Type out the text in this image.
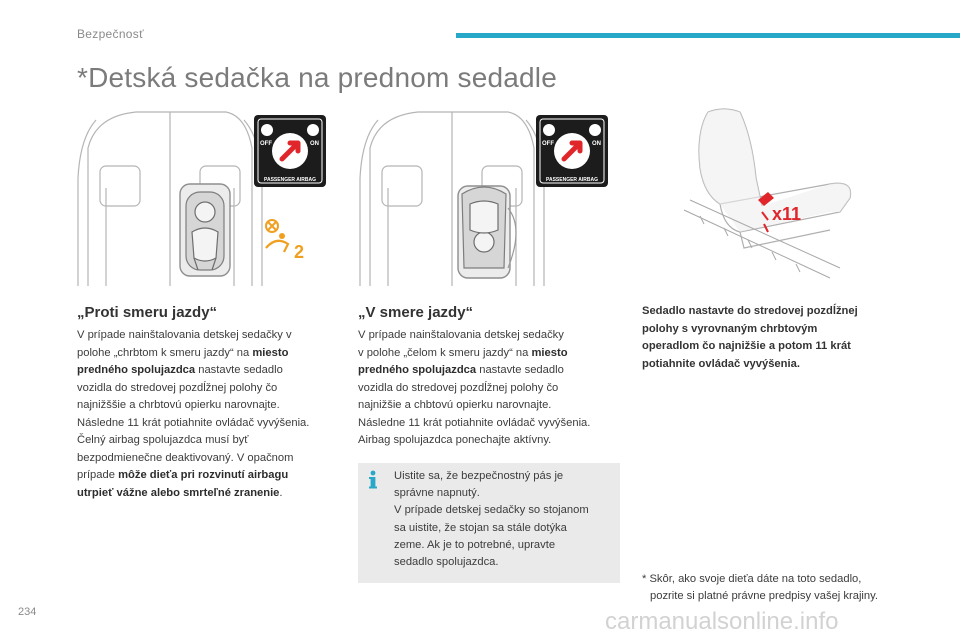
Bezpečnosť
*Detská sedačka na prednom sedadle
OFF	ON
PASSENGER AIRBAG
2
OFF	ON
PASSENGER AIRBAG
x11
„Proti smeru jazdy“
V prípade nainštalovania detskej sedačky v
polohe „chrbtom k smeru jazdy“ na miesto
predného spolujazdca nastavte sedadlo
vozidla do stredovej pozdĺžnej polohy čo
najnižššie a chrbtovú opierku narovnajte.
Následne 11 krát potiahnite ovládač vyvýšenia.
Čelný airbag spolujazdca musí byť
bezpodmienečne deaktivovaný. V opačnom
prípade môže dieťa pri rozvinutí airbagu
utrpieť vážne alebo smrteľné zranenie.
„V smere jazdy“
V prípade nainštalovania detskej sedačky
v polohe „čelom k smeru jazdy“ na miesto
predného spolujazdca nastavte sedadlo
vozidla do stredovej pozdĺžnej polohy čo
najnižšie a chbtovú opierku narovnajte.
Následne 11 krát potiahnite ovládač vyvýšenia.
Airbag spolujazdca ponechajte aktívny.
Uistite sa, že bezpečnostný pás je
správne napnutý.
V prípade detskej sedačky so stojanom
sa uistite, že stojan sa stále dotýka
zeme. Ak je to potrebné, upravte
sedadlo spolujazdca.
Sedadlo nastavte do stredovej pozdĺžnej
polohy s vyrovnaným chrbtovým
operadlom čo najnižšie a potom 11 krát
potiahnite ovládač vyvýšenia.
* Skôr, ako svoje dieťa dáte na toto sedadlo,
pozrite si platné právne predpisy vašej krajiny.
234	carmanualsonline.info
